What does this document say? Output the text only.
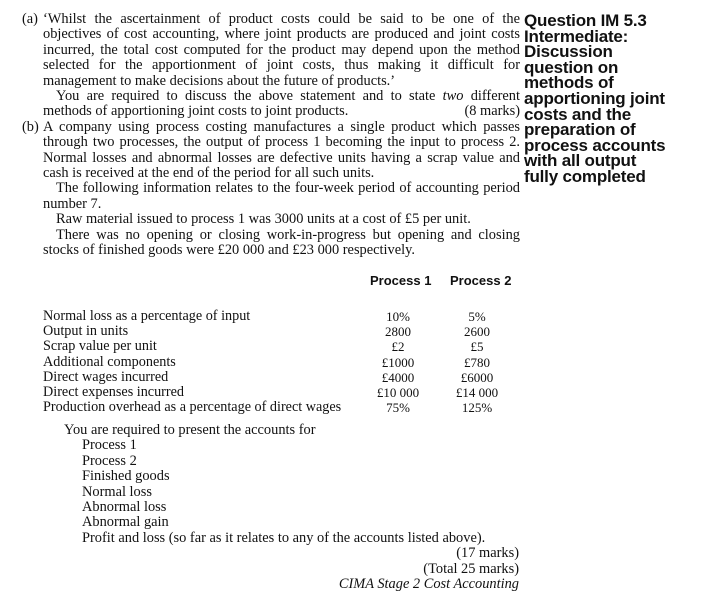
Question IM 5.3
Intermediate:
Discussion
question on
methods of
apportioning joint
costs and the
preparation of
process accounts
with all output
fully completed
(a) ‘Whilst the ascertainment of product costs could be said to be one of the objectives of cost accounting, where joint products are produced and joint costs incurred, the total cost computed for the product may depend upon the method selected for the apportionment of joint costs, thus making it difficult for management to make decisions about the future of products.’
You are required to discuss the above statement and to state two different methods of apportioning joint costs to joint products.	(8 marks)
(b) A company using process costing manufactures a single product which passes through two processes, the output of process 1 becoming the input to process 2. Normal losses and abnormal losses are defective units having a scrap value and cash is received at the end of the period for all such units.
The following information relates to the four-week period of accounting period number 7.
Raw material issued to process 1 was 3000 units at a cost of £5 per unit.
There was no opening or closing work-in-progress but opening and closing stocks of finished goods were £20 000 and £23 000 respectively.
Process 1 Process 2
Normal loss as a percentage of input	10%	5%
Output in units	2800	2600
Scrap value per unit	£2	£5
Additional components	£1000	£780
Direct wages incurred	£4000	£6000
Direct expenses incurred	£10 000	£14 000
Production overhead as a percentage of direct wages	75%	125%
You are required to present the accounts for
Process 1
Process 2
Finished goods
Normal loss
Abnormal loss
Abnormal gain
Profit and loss (so far as it relates to any of the accounts listed above).
(17 marks)
(Total 25 marks)
CIMA Stage 2 Cost Accounting
